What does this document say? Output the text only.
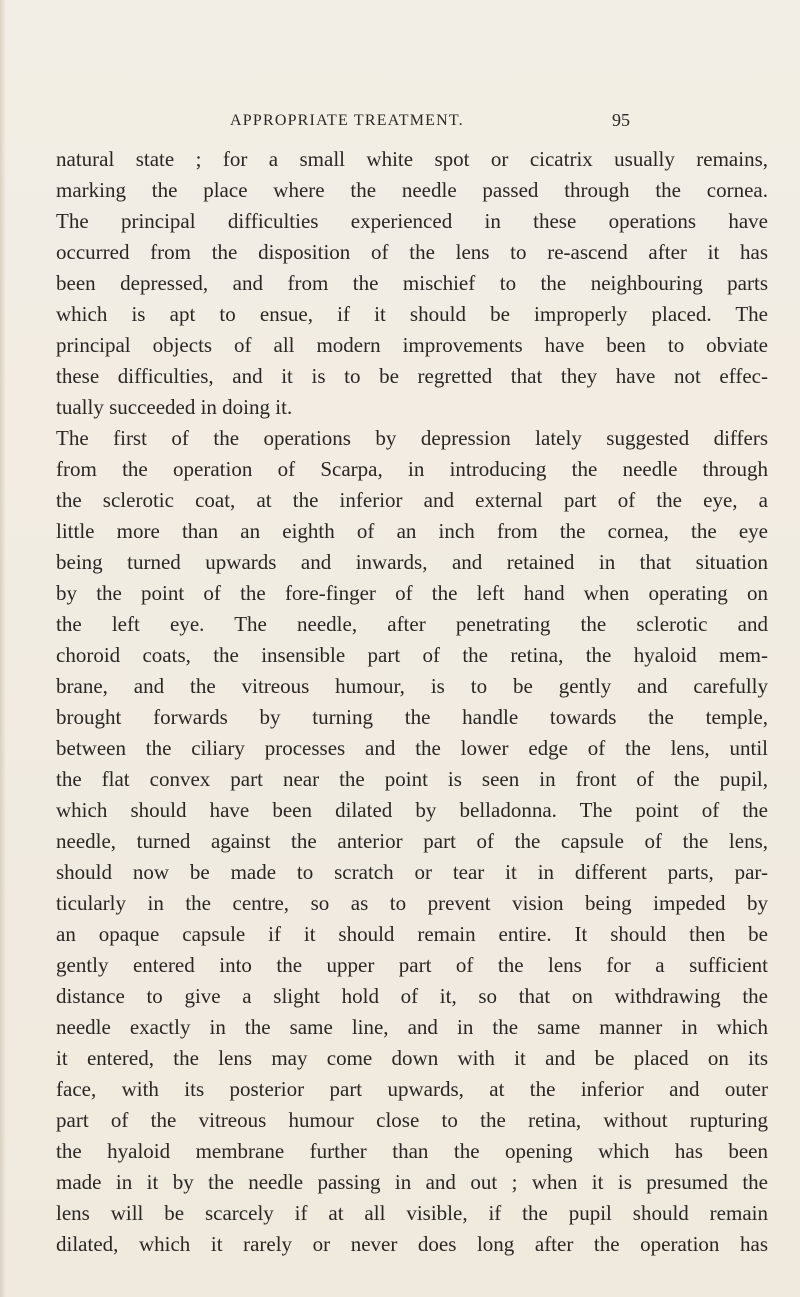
APPROPRIATE TREATMENT.	95
natural state ; for a small white spot or cicatrix usually remains,
marking the place where the needle passed through the cornea.
The principal difficulties experienced in these operations have
occurred from the disposition of the lens to re-ascend after it has
been depressed, and from the mischief to the neighbouring parts
which is apt to ensue, if it should be improperly placed. The
principal objects of all modern improvements have been to obviate
these difficulties, and it is to be regretted that they have not effec-
tually succeeded in doing it.
The first of the operations by depression lately suggested differs
from the operation of Scarpa, in introducing the needle through
the sclerotic coat, at the inferior and external part of the eye, a
little more than an eighth of an inch from the cornea, the eye
being turned upwards and inwards, and retained in that situation
by the point of the fore-finger of the left hand when operating on
the left eye. The needle, after penetrating the sclerotic and
choroid coats, the insensible part of the retina, the hyaloid mem-
brane, and the vitreous humour, is to be gently and carefully
brought forwards by turning the handle towards the temple,
between the ciliary processes and the lower edge of the lens, until
the flat convex part near the point is seen in front of the pupil,
which should have been dilated by belladonna. The point of the
needle, turned against the anterior part of the capsule of the lens,
should now be made to scratch or tear it in different parts, par-
ticularly in the centre, so as to prevent vision being impeded by
an opaque capsule if it should remain entire. It should then be
gently entered into the upper part of the lens for a sufficient
distance to give a slight hold of it, so that on withdrawing the
needle exactly in the same line, and in the same manner in which
it entered, the lens may come down with it and be placed on its
face, with its posterior part upwards, at the inferior and outer
part of the vitreous humour close to the retina, without rupturing
the hyaloid membrane further than the opening which has been
made in it by the needle passing in and out ; when it is presumed the
lens will be scarcely if at all visible, if the pupil should remain
dilated, which it rarely or never does long after the operation has
